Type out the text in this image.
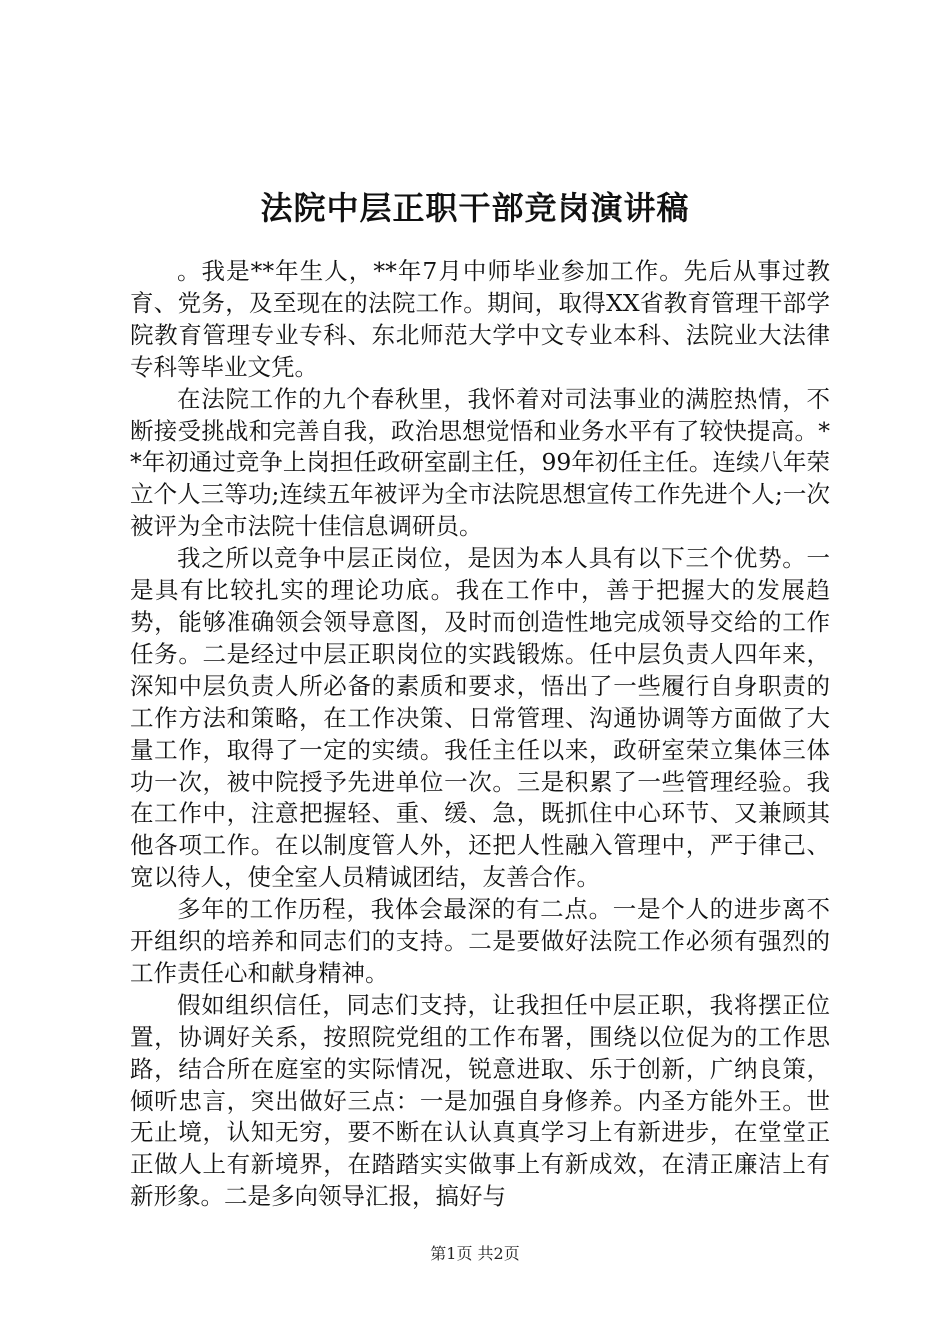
法院中层正职干部竞岗演讲稿

。我是**年生人，**年7月中师毕业参加工作。先后从事过教育、党务，及至现在的法院工作。期间，取得XX省教育管理干部学院教育管理专业专科、东北师范大学中文专业本科、法院业大法律专科等毕业文凭。

在法院工作的九个春秋里，我怀着对司法事业的满腔热情，不断接受挑战和完善自我，政治思想觉悟和业务水平有了较快提高。**年初通过竞争上岗担任政研室副主任，99年初任主任。连续八年荣立个人三等功;连续五年被评为全市法院思想宣传工作先进个人;一次被评为全市法院十佳信息调研员。

我之所以竞争中层正岗位，是因为本人具有以下三个优势。一是具有比较扎实的理论功底。我在工作中，善于把握大的发展趋势，能够准确领会领导意图，及时而创造性地完成领导交给的工作任务。二是经过中层正职岗位的实践锻炼。任中层负责人四年来，深知中层负责人所必备的素质和要求，悟出了一些履行自身职责的工作方法和策略，在工作决策、日常管理、沟通协调等方面做了大量工作，取得了一定的实绩。我任主任以来，政研室荣立集体三体功一次，被中院授予先进单位一次。三是积累了一些管理经验。我在工作中，注意把握轻、重、缓、急，既抓住中心环节、又兼顾其他各项工作。在以制度管人外，还把人性融入管理中，严于律己、宽以待人，使全室人员精诚团结，友善合作。

多年的工作历程，我体会最深的有二点。一是个人的进步离不开组织的培养和同志们的支持。二是要做好法院工作必须有强烈的工作责任心和献身精神。

假如组织信任，同志们支持，让我担任中层正职，我将摆正位置，协调好关系，按照院党组的工作布署，围绕以位促为的工作思路，结合所在庭室的实际情况，锐意进取、乐于创新，广纳良策，倾听忠言，突出做好三点：一是加强自身修养。内圣方能外王。世无止境，认知无穷，要不断在认认真真学习上有新进步，在堂堂正正做人上有新境界，在踏踏实实做事上有新成效，在清正廉洁上有新形象。二是多向领导汇报，搞好与

第1页 共2页
